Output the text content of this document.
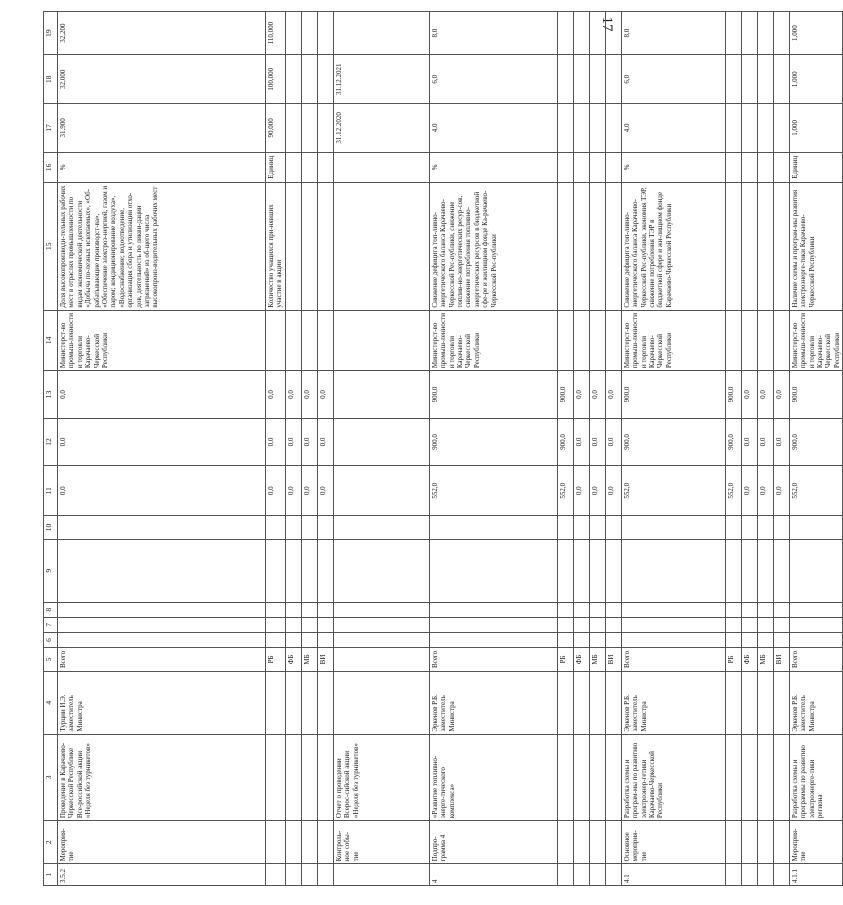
17
1	2	3	4	5	6	7	8	9	10	11	12	13	14	15	16	17	18	19
3.5.2	Мероприя-тие	Проведение в Карачаево-Черкесской Республике Все-российской акции «Неделя без турникетов»	Турции И.Э. заместитель Министра	Всего						0,0	0,0	0,0	Министерст-во промыш-ленности и торговли Карачаево-Черкесской Республики	Доля высокопроизводи-тельных рабочих мест в отраслях промышленности по видам экономической деятельности «Добыча по-лезных ископаемых», «Об-рабатывающие производст-ва», «Обеспечение электроэ-нергией, газом и паром; кондиционирование воздуха», «Водоснабжение; водоотведение, организация сбора и утилизации отхо-дов, деятельность по ликви-дации загрязнений» из об-щего числа высокопроиз-водительных рабочих мест	%	31,900	32,000	32,200
				РБ						0,0	0,0	0,0		Количество учащихся при-нявших участие в акции	Единиц	90,000	100,000	110,000
				ФБ						0,0	0,0	0,0						
				МБ						0,0	0,0	0,0						
				ВИ						0,0	0,0	0,0						
	Контроль-ное собы-тие	Отчет о проведении Всерос-сийской акции «Неделя без турникетов»														31.12.2020	31.12.2021	
4	Подпро-грамма 4	«Развитие топливно- энерге-тического комплекса»	Эркенов Р.Б. заместитель Министра	Всего						552,0	900,0	900,0	Министерст-во промыш-ленности и торговли Карачаево-Черкесской Республики	Снижение дефицита топ-ливно-энергетического баланса Карачаево-Черкесской Рес-публики, снижение топлив-но-энергетических ресур-сов, снижение потребления топливно-энергетических ресурсов в бюджетной сфе-ре и жилищном фонде Ка-рачаево-Черкесской Рес-публики	%	4,0	6,0	8,0
				РБ						552,0	900,0	900,0						
				ФБ						0,0	0,0	0,0						
				МБ						0,0	0,0	0,0						
				ВИ						0,0	0,0	0,0						
4.1	Основное мероприя-тие	Разработка схемы и програм-мы по развитию электроэнер-гетики Карачаево-Черкесской Республики	Эркенов Р.Б. заместитель Министра	Всего						552,0	900,0	900,0	Министерст-во промыш-ленности и торговли Карачаево-Черкесской Республики	Снижение дефицита топ-ливно-энергетического баланса Карачаево-Черкесской Рес-публики, экономия ТЭР, снижение потребления ТЭР в бюджетной сфере и жи-лищном фонде Карачаево-Черкесской Республики	%	4,0	6,0	8,0
				РБ						552,0	900,0	900,0						
				ФБ						0,0	0,0	0,0						
				МБ						0,0	0,0	0,0						
				ВИ						0,0	0,0	0,0						
4.1.1	Мероприя-тие	Разработка схемы и программы по развитию электроэнерге-тики региона	Эркенов Р.Б. заместитель Министра	Всего						552,0	900,0	900,0	Министерст-во промыш-ленности и торговли Карачаево-Черкесской Республики	Наличие схемы и програм-мы развития электроэнерге-тики Карачаево-Черкесской Республики	Единиц	1,000	1,000	1,000
